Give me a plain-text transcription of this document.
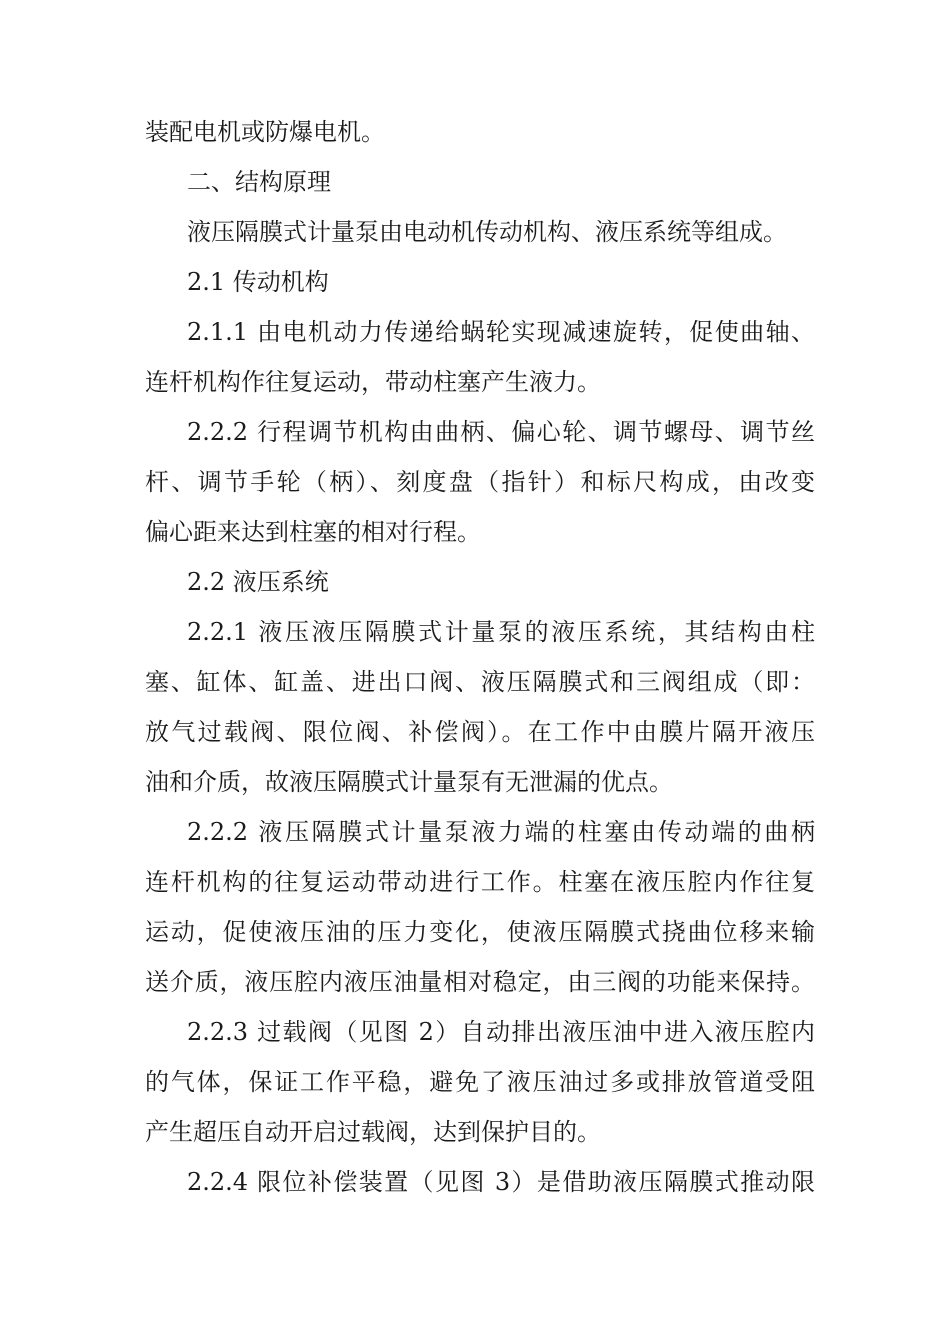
装配电机或防爆电机。
二、结构原理
液压隔膜式计量泵由电动机传动机构、液压系统等组成。
2.1 传动机构
2.1.1 由电机动力传递给蜗轮实现减速旋转，促使曲轴、
连杆机构作往复运动，带动柱塞产生液力。
2.2.2 行程调节机构由曲柄、偏心轮、调节螺母、调节丝
杆、调节手轮（柄）、刻度盘（指针）和标尺构成，由改变
偏心距来达到柱塞的相对行程。
2.2 液压系统
2.2.1 液压液压隔膜式计量泵的液压系统，其结构由柱
塞、缸体、缸盖、进出口阀、液压隔膜式和三阀组成（即：
放气过载阀、限位阀、补偿阀）。在工作中由膜片隔开液压
油和介质，故液压隔膜式计量泵有无泄漏的优点。
2.2.2 液压隔膜式计量泵液力端的柱塞由传动端的曲柄
连杆机构的往复运动带动进行工作。柱塞在液压腔内作往复
运动，促使液压油的压力变化，使液压隔膜式挠曲位移来输
送介质，液压腔内液压油量相对稳定，由三阀的功能来保持。
2.2.3 过载阀（见图 2）自动排出液压油中进入液压腔内
的气体，保证工作平稳，避免了液压油过多或排放管道受阻
产生超压自动开启过载阀，达到保护目的。
2.2.4 限位补偿装置（见图 3）是借助液压隔膜式推动限
